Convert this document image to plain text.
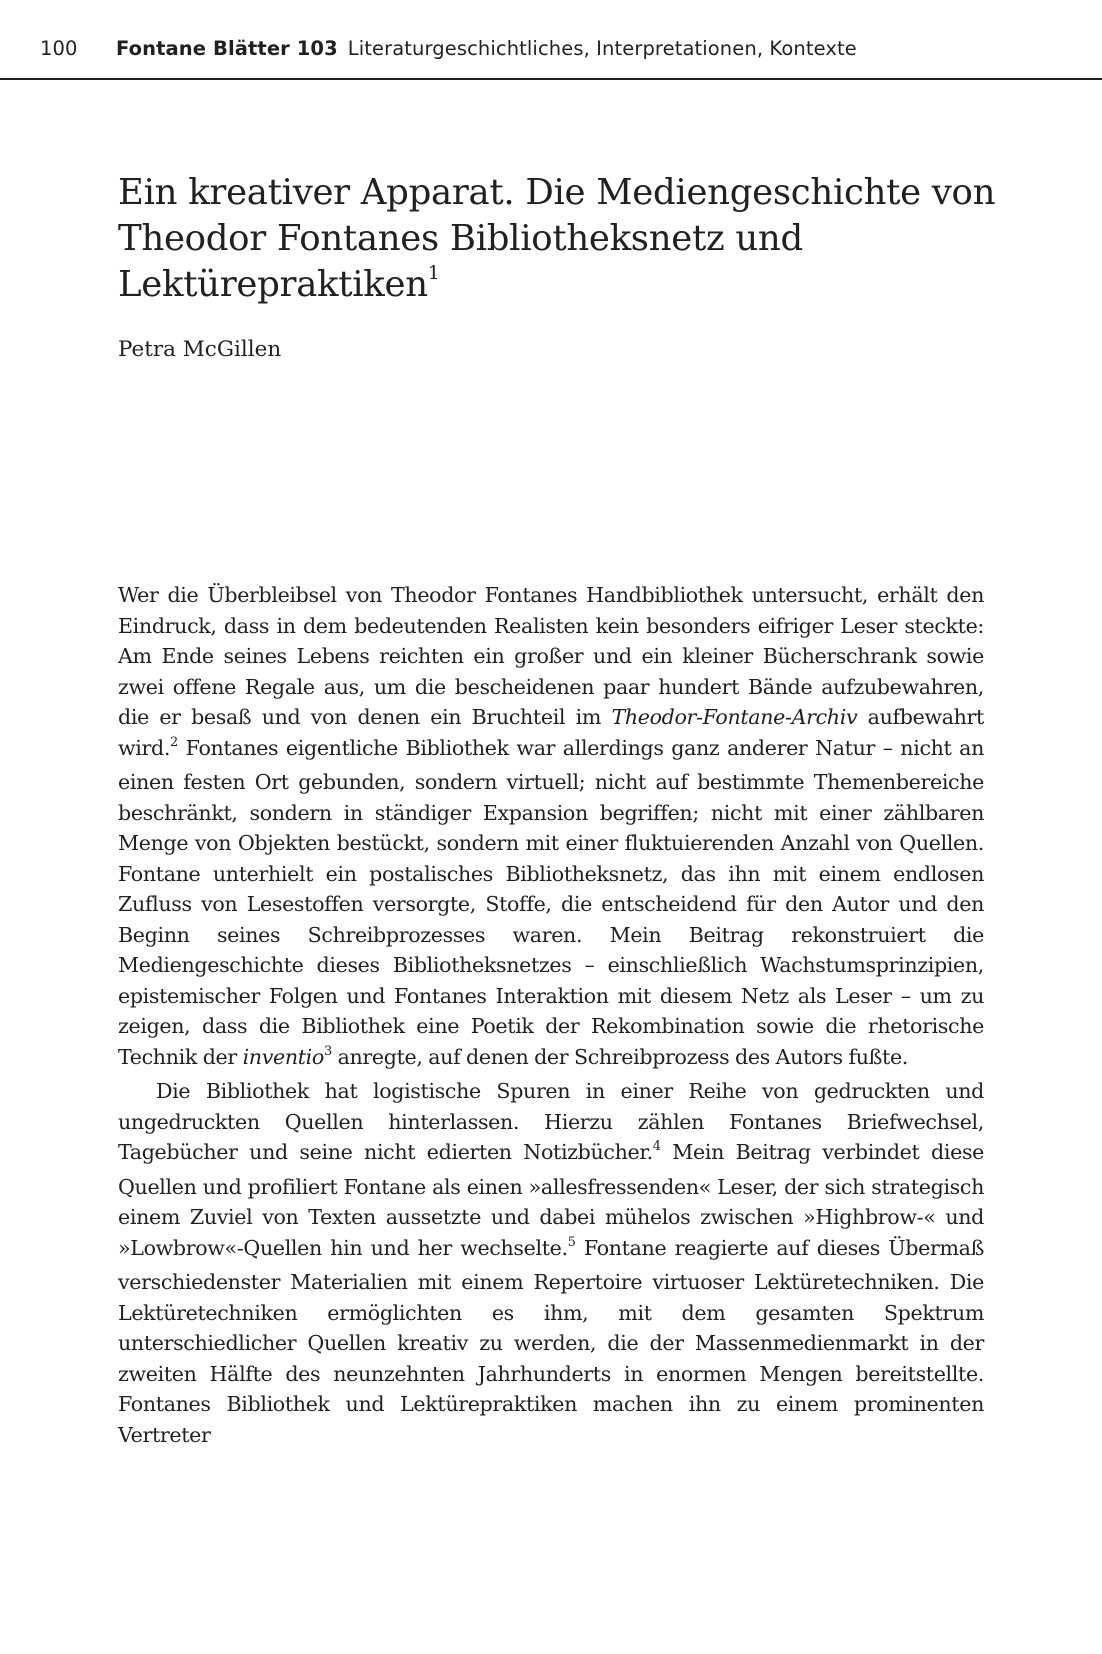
100 Fontane Blätter 103 Literaturgeschichtliches, Interpretationen, Kontexte
Ein kreativer Apparat. Die Mediengeschichte von Theodor Fontanes Bibliotheksnetz und Lektürepraktiken$^1$

Petra McGillen

Wer die Überbleibsel von Theodor Fontanes Handbibliothek untersucht, erhält den Eindruck, dass in dem bedeutenden Realisten kein besonders eifriger Leser steckte: Am Ende seines Lebens reichten ein großer und ein kleiner Bücherschrank sowie zwei offene Regale aus, um die bescheidenen paar hundert Bände aufzubewahren, die er besaß und von denen ein Bruchteil im Theodor-Fontane-Archiv aufbewahrt wird.$^2$ Fontanes eigentliche Bibliothek war allerdings ganz anderer Natur – nicht an einen festen Ort gebunden, sondern virtuell; nicht auf bestimmte Themenbereiche beschränkt, sondern in ständiger Expansion begriffen; nicht mit einer zählbaren Menge von Objekten bestückt, sondern mit einer fluktuierenden Anzahl von Quellen. Fontane unterhielt ein postalisches Bibliotheksnetz, das ihn mit einem endlosen Zufluss von Lesestoffen versorgte, Stoffe, die entscheidend für den Autor und den Beginn seines Schreibprozesses waren. Mein Beitrag rekonstruiert die Mediengeschichte dieses Bibliotheksnetzes – einschließlich Wachstumsprinzipien, epistemischer Folgen und Fontanes Interaktion mit diesem Netz als Leser – um zu zeigen, dass die Bibliothek eine Poetik der Rekombination sowie die rhetorische Technik der inventio$^3$ anregte, auf denen der Schreibprozess des Autors fußte.

Die Bibliothek hat logistische Spuren in einer Reihe von gedruckten und ungedruckten Quellen hinterlassen. Hierzu zählen Fontanes Briefwechsel, Tagebücher und seine nicht edierten Notizbücher.$^4$ Mein Beitrag verbindet diese Quellen und profiliert Fontane als einen »allesfressenden« Leser, der sich strategisch einem Zuviel von Texten aussetzte und dabei mühelos zwischen »Highbrow-« und »Lowbrow«-Quellen hin und her wechselte.$^5$ Fontane reagierte auf dieses Übermaß verschiedenster Materialien mit einem Repertoire virtuoser Lektüretechniken. Die Lektüretechniken ermöglichten es ihm, mit dem gesamten Spektrum unterschiedlicher Quellen kreativ zu werden, die der Massenmedienmarkt in der zweiten Hälfte des neunzehnten Jahrhunderts in enormen Mengen bereitstellte. Fontanes Bibliothek und Lektürepraktiken machen ihn zu einem prominenten Vertreter
